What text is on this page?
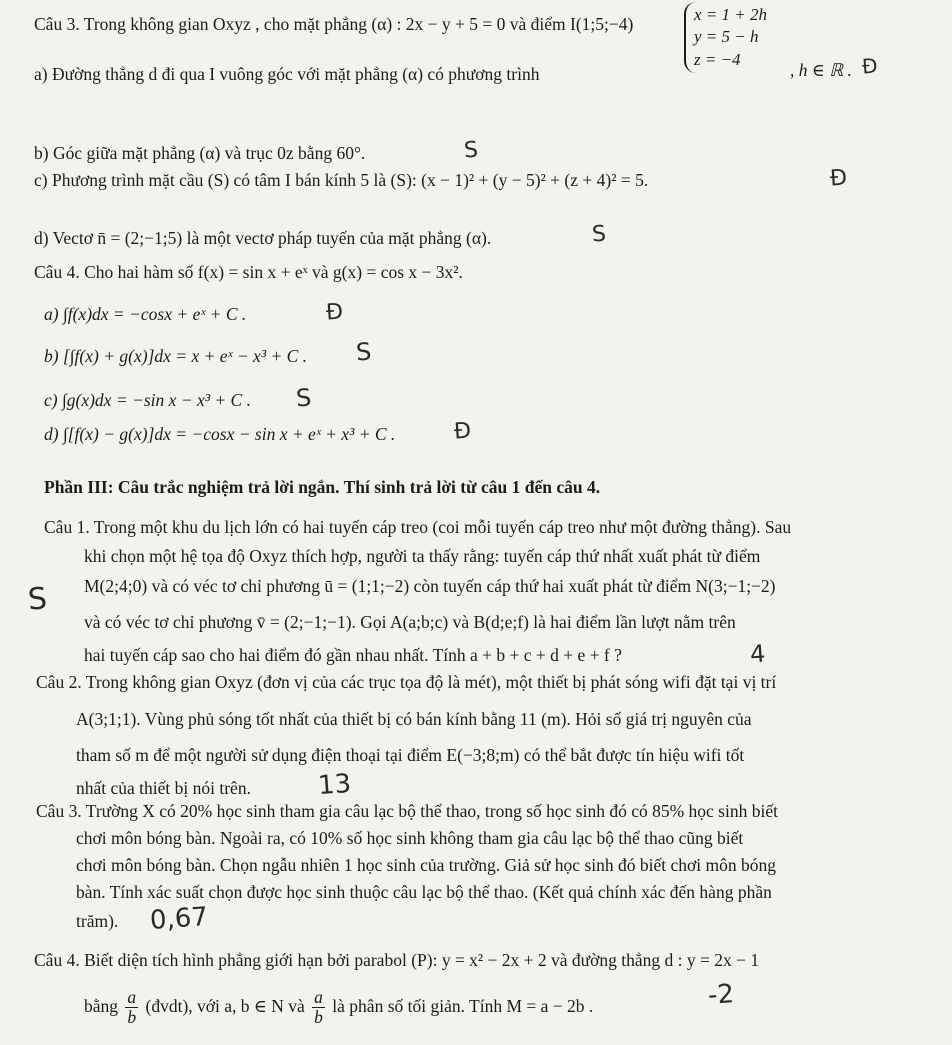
Câu 3. Trong không gian Oxyz , cho mặt phẳng (α) : 2x − y + 5 = 0 và điểm I(1;5;−4)	x = 1 + 2h
y = 5 − h
z = −4
, h ∈ ℝ .
a) Đường thẳng d đi qua I vuông góc với mặt phẳng (α) có phương trình
b) Góc giữa mặt phẳng (α) và trục 0z bằng 60°.
c) Phương trình mặt cầu (S) có tâm I bán kính 5 là (S): (x − 1)² + (y − 5)² + (z + 4)² = 5.
d) Vectơ n̄ = (2;−1;5) là một vectơ pháp tuyến của mặt phẳng (α).
Câu 4. Cho hai hàm số f(x) = sin x + eˣ và g(x) = cos x − 3x².
a) ∫f(x)dx = −cosx + eˣ + C .
b) [∫f(x) + g(x)]dx = x + eˣ − x³ + C .
c) ∫g(x)dx = −sin x − x³ + C .
d) ∫[f(x) − g(x)]dx = −cosx − sin x + eˣ + x³ + C .
Phần III: Câu trắc nghiệm trả lời ngắn. Thí sinh trả lời từ câu 1 đến câu 4.
Câu 1. Trong một khu du lịch lớn có hai tuyến cáp treo (coi mỗi tuyến cáp treo như một đường thẳng). Sau
khi chọn một hệ tọa độ Oxyz thích hợp, người ta thấy rằng: tuyến cáp thứ nhất xuất phát từ điểm
M(2;4;0) và có véc tơ chỉ phương ū = (1;1;−2) còn tuyến cáp thứ hai xuất phát từ điểm N(3;−1;−2)
và có véc tơ chỉ phương v̄ = (2;−1;−1). Gọi A(a;b;c) và B(d;e;f) là hai điểm lần lượt nằm trên
hai tuyến cáp sao cho hai điểm đó gần nhau nhất. Tính a + b + c + d + e + f ?
Câu 2. Trong không gian Oxyz (đơn vị của các trục tọa độ là mét), một thiết bị phát sóng wifi đặt tại vị trí
A(3;1;1). Vùng phủ sóng tốt nhất của thiết bị có bán kính bằng 11 (m). Hỏi số giá trị nguyên của
tham số m để một người sử dụng điện thoại tại điểm E(−3;8;m) có thể bắt được tín hiệu wifi tốt
nhất của thiết bị nói trên.
Câu 3. Trường X có 20% học sinh tham gia câu lạc bộ thể thao, trong số học sinh đó có 85% học sinh biết
chơi môn bóng bàn. Ngoài ra, có 10% số học sinh không tham gia câu lạc bộ thể thao cũng biết
chơi môn bóng bàn. Chọn ngẫu nhiên 1 học sinh của trường. Giả sử học sinh đó biết chơi môn bóng
bàn. Tính xác suất chọn được học sinh thuộc câu lạc bộ thể thao. (Kết quả chính xác đến hàng phần
trăm).
Câu 4. Biết diện tích hình phẳng giới hạn bởi parabol (P): y = x² − 2x + 2 và đường thẳng d : y = 2x − 1
bằng $\frac{a}{b}$ (đvdt), với a, b ∈ N và $\frac{a}{b}$ là phân số tối giản. Tính M = a − 2b .
Đ
S
Đ
S
Đ
S
S
Đ
S
4
13
0,67
-2
